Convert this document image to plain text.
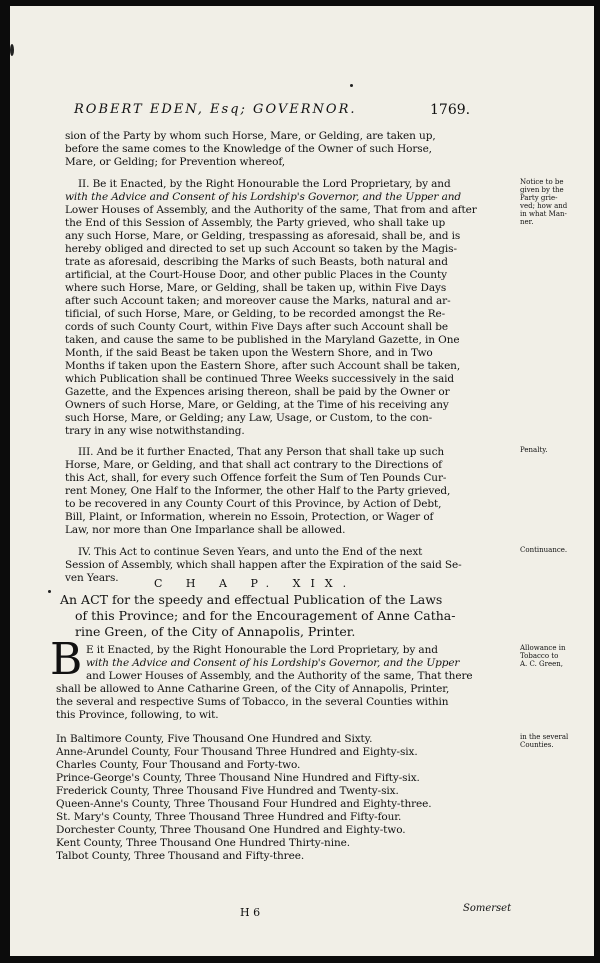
ROBERT EDEN, Esq; GOVERNOR.	1769.
sion of the Party by whom such Horse, Mare, or Gelding, are taken up,
before the same comes to the Knowledge of the Owner of such Horse,
Mare, or Gelding; for Prevention whereof,
II. Be it Enacted, by the Right Honourable the Lord Proprietary, by and
with the Advice and Consent of his Lordship's Governor, and the Upper and
Lower Houses of Assembly, and the Authority of the same, That from and after
the End of this Session of Assembly, the Party grieved, who shall take up
any such Horse, Mare, or Gelding, trespassing as aforesaid, shall be, and is
hereby obliged and directed to set up such Account so taken by the Magis-
trate as aforesaid, describing the Marks of such Beasts, both natural and
artificial, at the Court-House Door, and other public Places in the County
where such Horse, Mare, or Gelding, shall be taken up, within Five Days
after such Account taken; and moreover cause the Marks, natural and ar-
tificial, of such Horse, Mare, or Gelding, to be recorded amongst the Re-
cords of such County Court, within Five Days after such Account shall be
taken, and cause the same to be published in the Maryland Gazette, in One
Month, if the said Beast be taken upon the Western Shore, and in Two
Months if taken upon the Eastern Shore, after such Account shall be taken,
which Publication shall be continued Three Weeks successively in the said
Gazette, and the Expences arising thereon, shall be paid by the Owner or
Owners of such Horse, Mare, or Gelding, at the Time of his receiving any
such Horse, Mare, or Gelding; any Law, Usage, or Custom, to the con-
trary in any wise notwithstanding.
III. And be it further Enacted, That any Person that shall take up such
Horse, Mare, or Gelding, and that shall act contrary to the Directions of
this Act, shall, for every such Offence forfeit the Sum of Ten Pounds Cur-
rent Money, One Half to the Informer, the other Half to the Party grieved,
to be recovered in any County Court of this Province, by Action of Debt,
Bill, Plaint, or Information, wherein no Essoin, Protection, or Wager of
Law, nor more than One Imparlance shall be allowed.
IV. This Act to continue Seven Years, and unto the End of the next
Session of Assembly, which shall happen after the Expiration of the said Se-
ven Years.	C H A P. XIX.
An ACT for the speedy and effectual Publication of the Laws
of this Province; and for the Encouragement of Anne Catha-
rine Green, of the City of Annapolis, Printer.
B E it Enacted, by the Right Honourable the Lord Proprietary, by and
with the Advice and Consent of his Lordship's Governor, and the Upper
and Lower Houses of Assembly, and the Authority of the same, That there
shall be allowed to Anne Catharine Green, of the City of Annapolis, Printer,
the several and respective Sums of Tobacco, in the several Counties within
this Province, following, to wit.
In Baltimore County, Five Thousand One Hundred and Sixty.
Anne-Arundel County, Four Thousand Three Hundred and Eighty-six.
Charles County, Four Thousand and Forty-two.
Prince-George's County, Three Thousand Nine Hundred and Fifty-six.
Frederick County, Three Thousand Five Hundred and Twenty-six.
Queen-Anne's County, Three Thousand Four Hundred and Eighty-three.
St. Mary's County, Three Thousand Three Hundred and Fifty-four.
Dorchester County, Three Thousand One Hundred and Eighty-two.
Kent County, Three Thousand One Hundred Thirty-nine.
Talbot County, Three Thousand and Fifty-three.
Notice to be
given by the
Party grie-
ved; how and
in what Man-
ner.
Penalty.
Continuance.
Allowance in
Tobacco to
A. C. Green,
in the several
Counties.
H 6	Somerset
